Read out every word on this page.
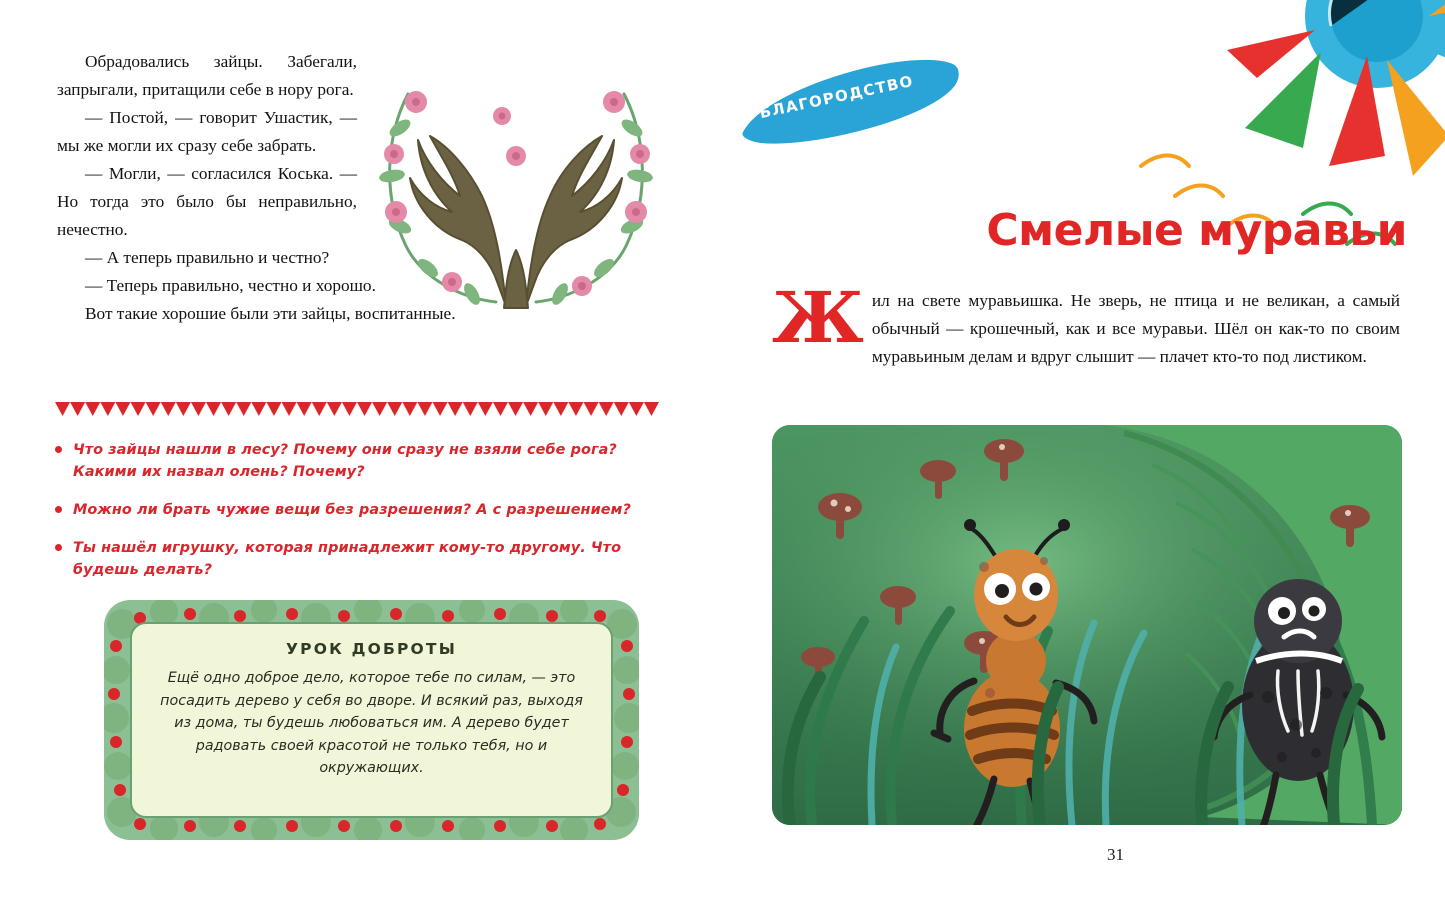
Обрадовались зайцы. Забегали, запрыгали, притащили себе в нору рога.

— Постой, — говорит Ушастик, — мы же могли их сразу себе забрать.

— Могли, — согласился Коська. — Но тогда это было бы неправильно, нечестно.

— А теперь правильно и честно?

— Теперь правильно, честно и хорошо.

Вот такие хорошие были эти зайцы, воспитанные.

Что зайцы нашли в лесу? Почему они сразу не взяли себе рога? Какими их назвал олень? Почему?
Можно ли брать чужие вещи без разрешения? А с разрешением?
Ты нашёл игрушку, которая принадлежит кому-то другому. Что будешь делать?
УРОК ДОБРОТЫ
Ещё одно доброе дело, которое тебе по силам, — это посадить дерево у себя во дворе. И всякий раз, выходя из дома, ты будешь любоваться им. А дерево будет радовать своей красотой не только тебя, но и окружающих.
БЛАГОРОДСТВО
Смелые муравьи
Ж ил на свете муравьишка. Не зверь, не птица и не великан, а самый обычный — крошечный, как и все муравьи. Шёл он как-то по своим муравьиным делам и вдруг слышит — плачет кто-то под листиком.
31
